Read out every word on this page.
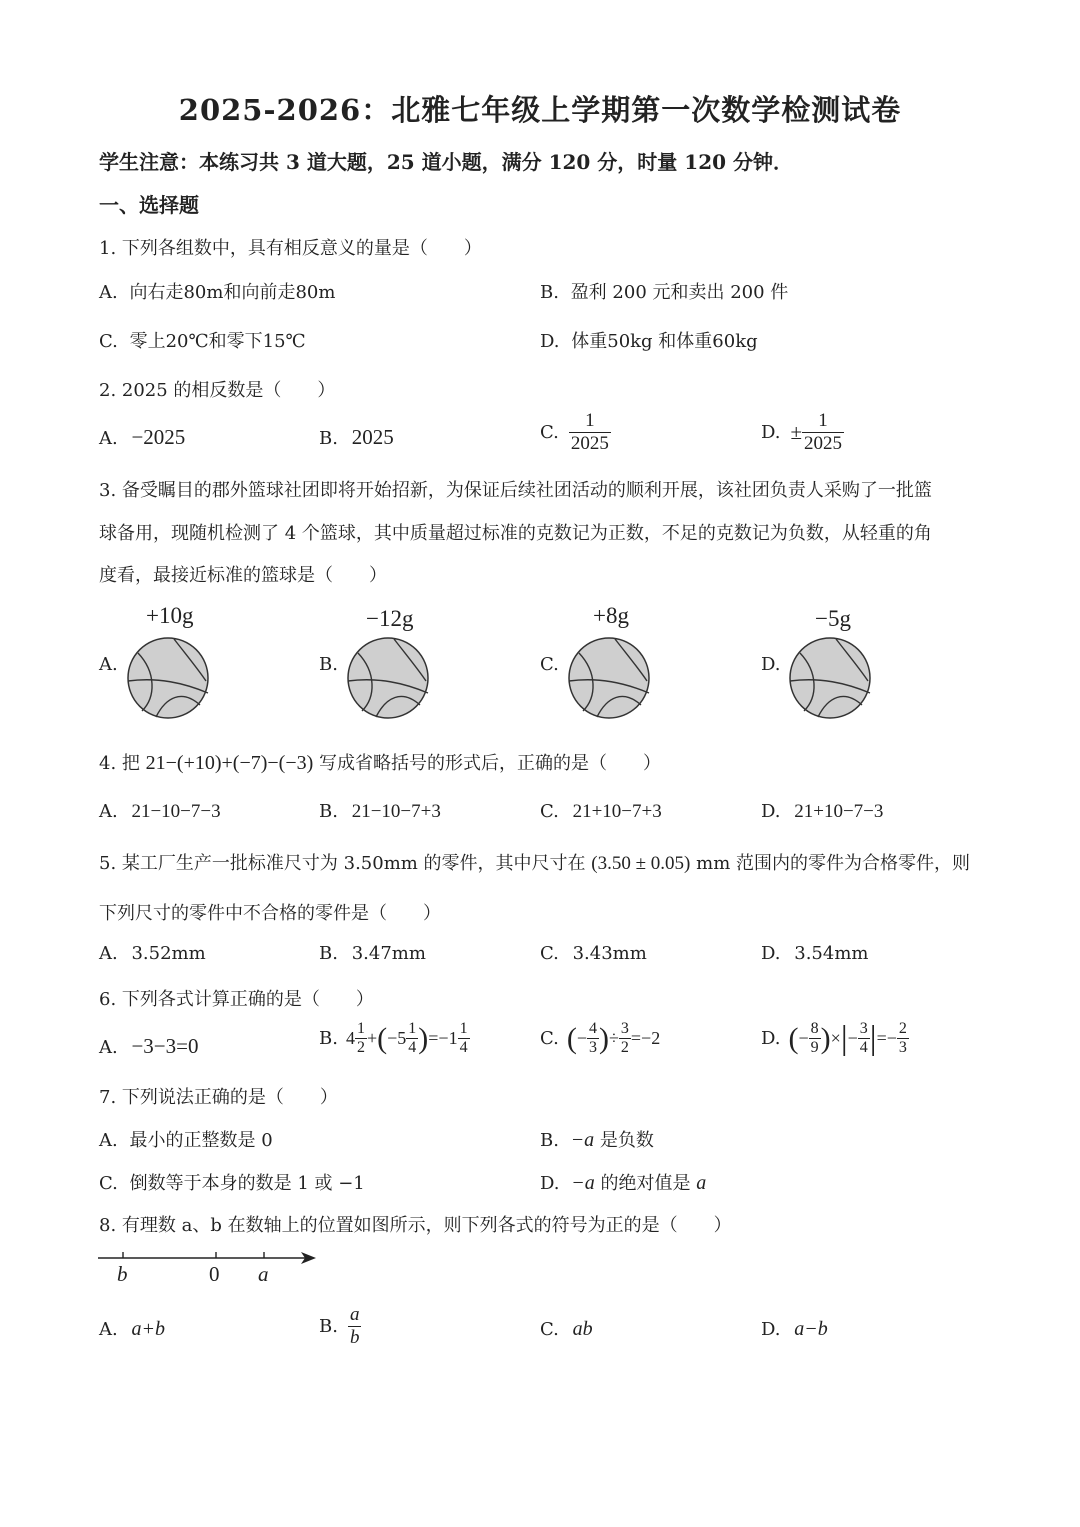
2025-2026：北雅七年级上学期第一次数学检测试卷
学生注意：本练习共 3 道大题，25 道小题，满分 120 分，时量 120 分钟．
一、选择题
1. 下列各组数中，具有相反意义的量是（　　）
A. 向右走80m和向前走80m	B. 盈利 200 元和卖出 200 件
C. 零上20℃和零下15℃	D. 体重50kg 和体重60kg
2. 2025 的相反数是（　　）
A. −2025	B. 2025	C. $\frac{1}{2025}$	D. ± $\frac{1}{2025}$
3. 备受瞩目的郡外篮球社团即将开始招新，为保证后续社团活动的顺利开展，该社团负责人采购了一批篮
球备用，现随机检测了 4 个篮球，其中质量超过标准的克数记为正数，不足的克数记为负数，从轻重的角
度看，最接近标准的篮球是（　　）
A.
+10g
B.
−12g
C.
+8g
D.
−5g
4. 把 21−(+10)+(−7)−(−3) 写成省略括号的形式后，正确的是（　　）
A. 21−10−7−3	B. 21−10−7+3	C. 21+10−7+3	D. 21+10−7−3
5. 某工厂生产一批标准尺寸为 3.50mm 的零件，其中尺寸在 (3.50 ± 0.05) mm 范围内的零件为合格零件，则
下列尺寸的零件中不合格的零件是（　　）
A. 3.52mm	B. 3.47mm	C. 3.43mm	D. 3.54mm
6. 下列各式计算正确的是（　　）
A. −3−3=0	B. $4 \frac{1}{2}$ + ( $-5 \frac{1}{4}$ ) $=-1 \frac{1}{4}$	C. ( − $\frac{4}{3}$ ) ÷ $\frac{3}{2} =-2$	D. ( − $\frac{8}{9}$ ) × | − $\frac{3}{4}$ | =− $\frac{2}{3}$
7. 下列说法正确的是（　　）
A. 最小的正整数是 0	B. −a 是负数
C. 倒数等于本身的数是 1 或 −1	D. −a 的绝对值是 a
8. 有理数 a、b 在数轴上的位置如图所示，则下列各式的符号为正的是（　　）
b	0 a
A. a+b	B. $\frac{a}{b}$	C. ab	D. a−b
